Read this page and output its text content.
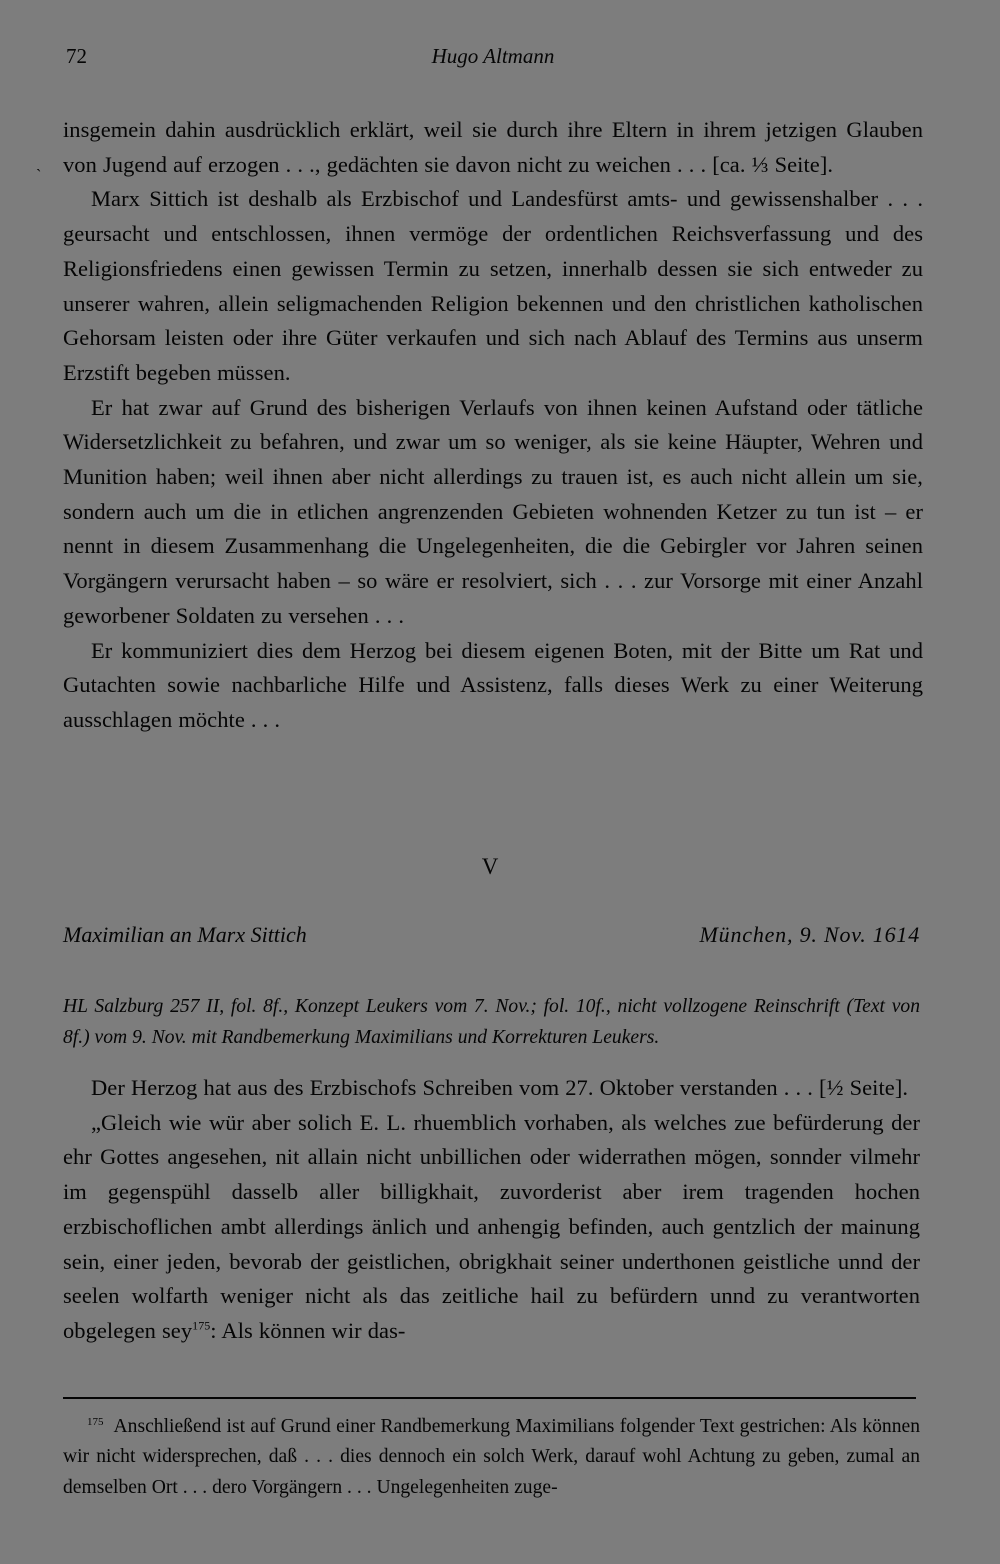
72	Hugo Altmann
`

insgemein dahin ausdrücklich erklärt, weil sie durch ihre Eltern in ihrem jetzigen Glauben von Jugend auf erzogen . . ., gedächten sie davon nicht zu weichen . . . [ca. ⅓ Seite].

Marx Sittich ist deshalb als Erzbischof und Landesfürst amts- und gewissenshalber . . . geursacht und entschlossen, ihnen vermöge der ordentlichen Reichsverfassung und des Religionsfriedens einen gewissen Termin zu setzen, innerhalb dessen sie sich entweder zu unserer wahren, allein seligmachenden Religion bekennen und den christlichen katholischen Gehorsam leisten oder ihre Güter verkaufen und sich nach Ablauf des Termins aus unserm Erzstift begeben müssen.

Er hat zwar auf Grund des bisherigen Verlaufs von ihnen keinen Aufstand oder tätliche Widersetzlichkeit zu befahren, und zwar um so weniger, als sie keine Häupter, Wehren und Munition haben; weil ihnen aber nicht allerdings zu trauen ist, es auch nicht allein um sie, sondern auch um die in etlichen angrenzenden Gebieten wohnenden Ketzer zu tun ist – er nennt in diesem Zusammenhang die Ungelegenheiten, die die Gebirgler vor Jahren seinen Vorgängern verursacht haben – so wäre er resolviert, sich . . . zur Vorsorge mit einer Anzahl geworbener Soldaten zu versehen . . .

Er kommuniziert dies dem Herzog bei diesem eigenen Boten, mit der Bitte um Rat und Gutachten sowie nachbarliche Hilfe und Assistenz, falls dieses Werk zu einer Weiterung ausschlagen möchte . . .

V
Maximilian an Marx Sittich	München, 9. Nov. 1614

HL Salzburg 257 II, fol. 8f., Konzept Leukers vom 7. Nov.; fol. 10f., nicht vollzogene Reinschrift (Text von 8f.) vom 9. Nov. mit Randbemerkung Maximilians und Korrekturen Leukers.

Der Herzog hat aus des Erzbischofs Schreiben vom 27. Oktober verstanden . . . [½ Seite].

„Gleich wie wür aber solich E. L. rhuemblich vorhaben, als welches zue befürderung der ehr Gottes angesehen, nit allain nicht unbillichen oder widerrathen mögen, sonnder vilmehr im gegenspühl dasselb aller billigkhait, zuvorderist aber irem tragenden hochen erzbischoflichen ambt allerdings änlich und anhengig befinden, auch gentzlich der mainung sein, einer jeden, bevorab der geistlichen, obrigkhait seiner underthonen geistliche unnd der seelen wolfarth weniger nicht als das zeitliche hail zu befürdern unnd zu verantworten obgelegen sey$^{175}$: Als können wir das-

175 Anschließend ist auf Grund einer Randbemerkung Maximilians folgender Text gestrichen: Als können wir nicht widersprechen, daß . . . dies dennoch ein solch Werk, darauf wohl Achtung zu geben, zumal an demselben Ort . . . dero Vorgängern . . . Ungelegenheiten zuge-
